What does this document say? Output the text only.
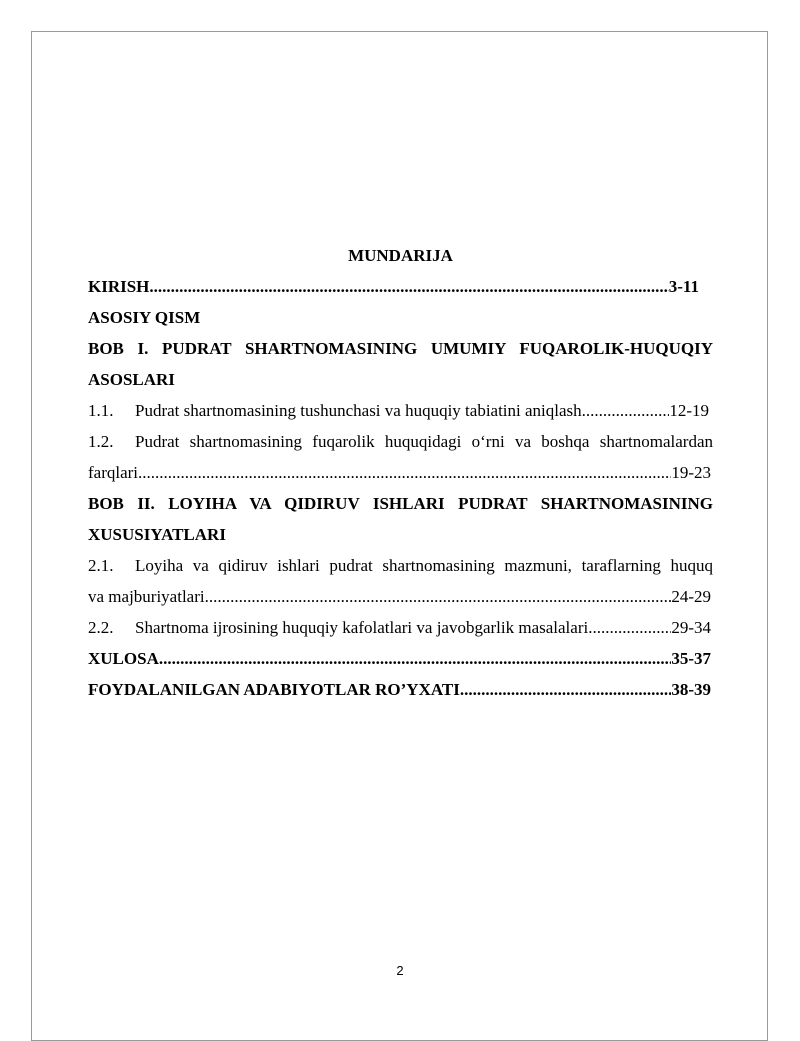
MUNDARIJA
KIRISH .....	3-11
ASOSIY QISM
BOB I. PUDRAT SHARTNOMASINING UMUMIY FUQAROLIK-HUQUQIY
ASOSLARI
1.1.	Pudrat shartnomasining tushunchasi va huquqiy tabiatini aniqlash .....	12-19
1.2.	Pudrat shartnomasining fuqarolik huquqidagi o‘rni va boshqa shartnomalardan
farqlari .....	19-23
BOB II. LOYIHA VA QIDIRUV ISHLARI PUDRAT SHARTNOMASINING
XUSUSIYATLARI
2.1.	Loyiha va qidiruv ishlari pudrat shartnomasining mazmuni, taraflarning huquq
va majburiyatlari .....	24-29
2.2.	Shartnoma ijrosining huquqiy kafolatlari va javobgarlik masalalari .....	29-34
XULOSA .....	35-37
FOYDALANILGAN ADABIYOTLAR RO’YXATI .....	38-39
2
